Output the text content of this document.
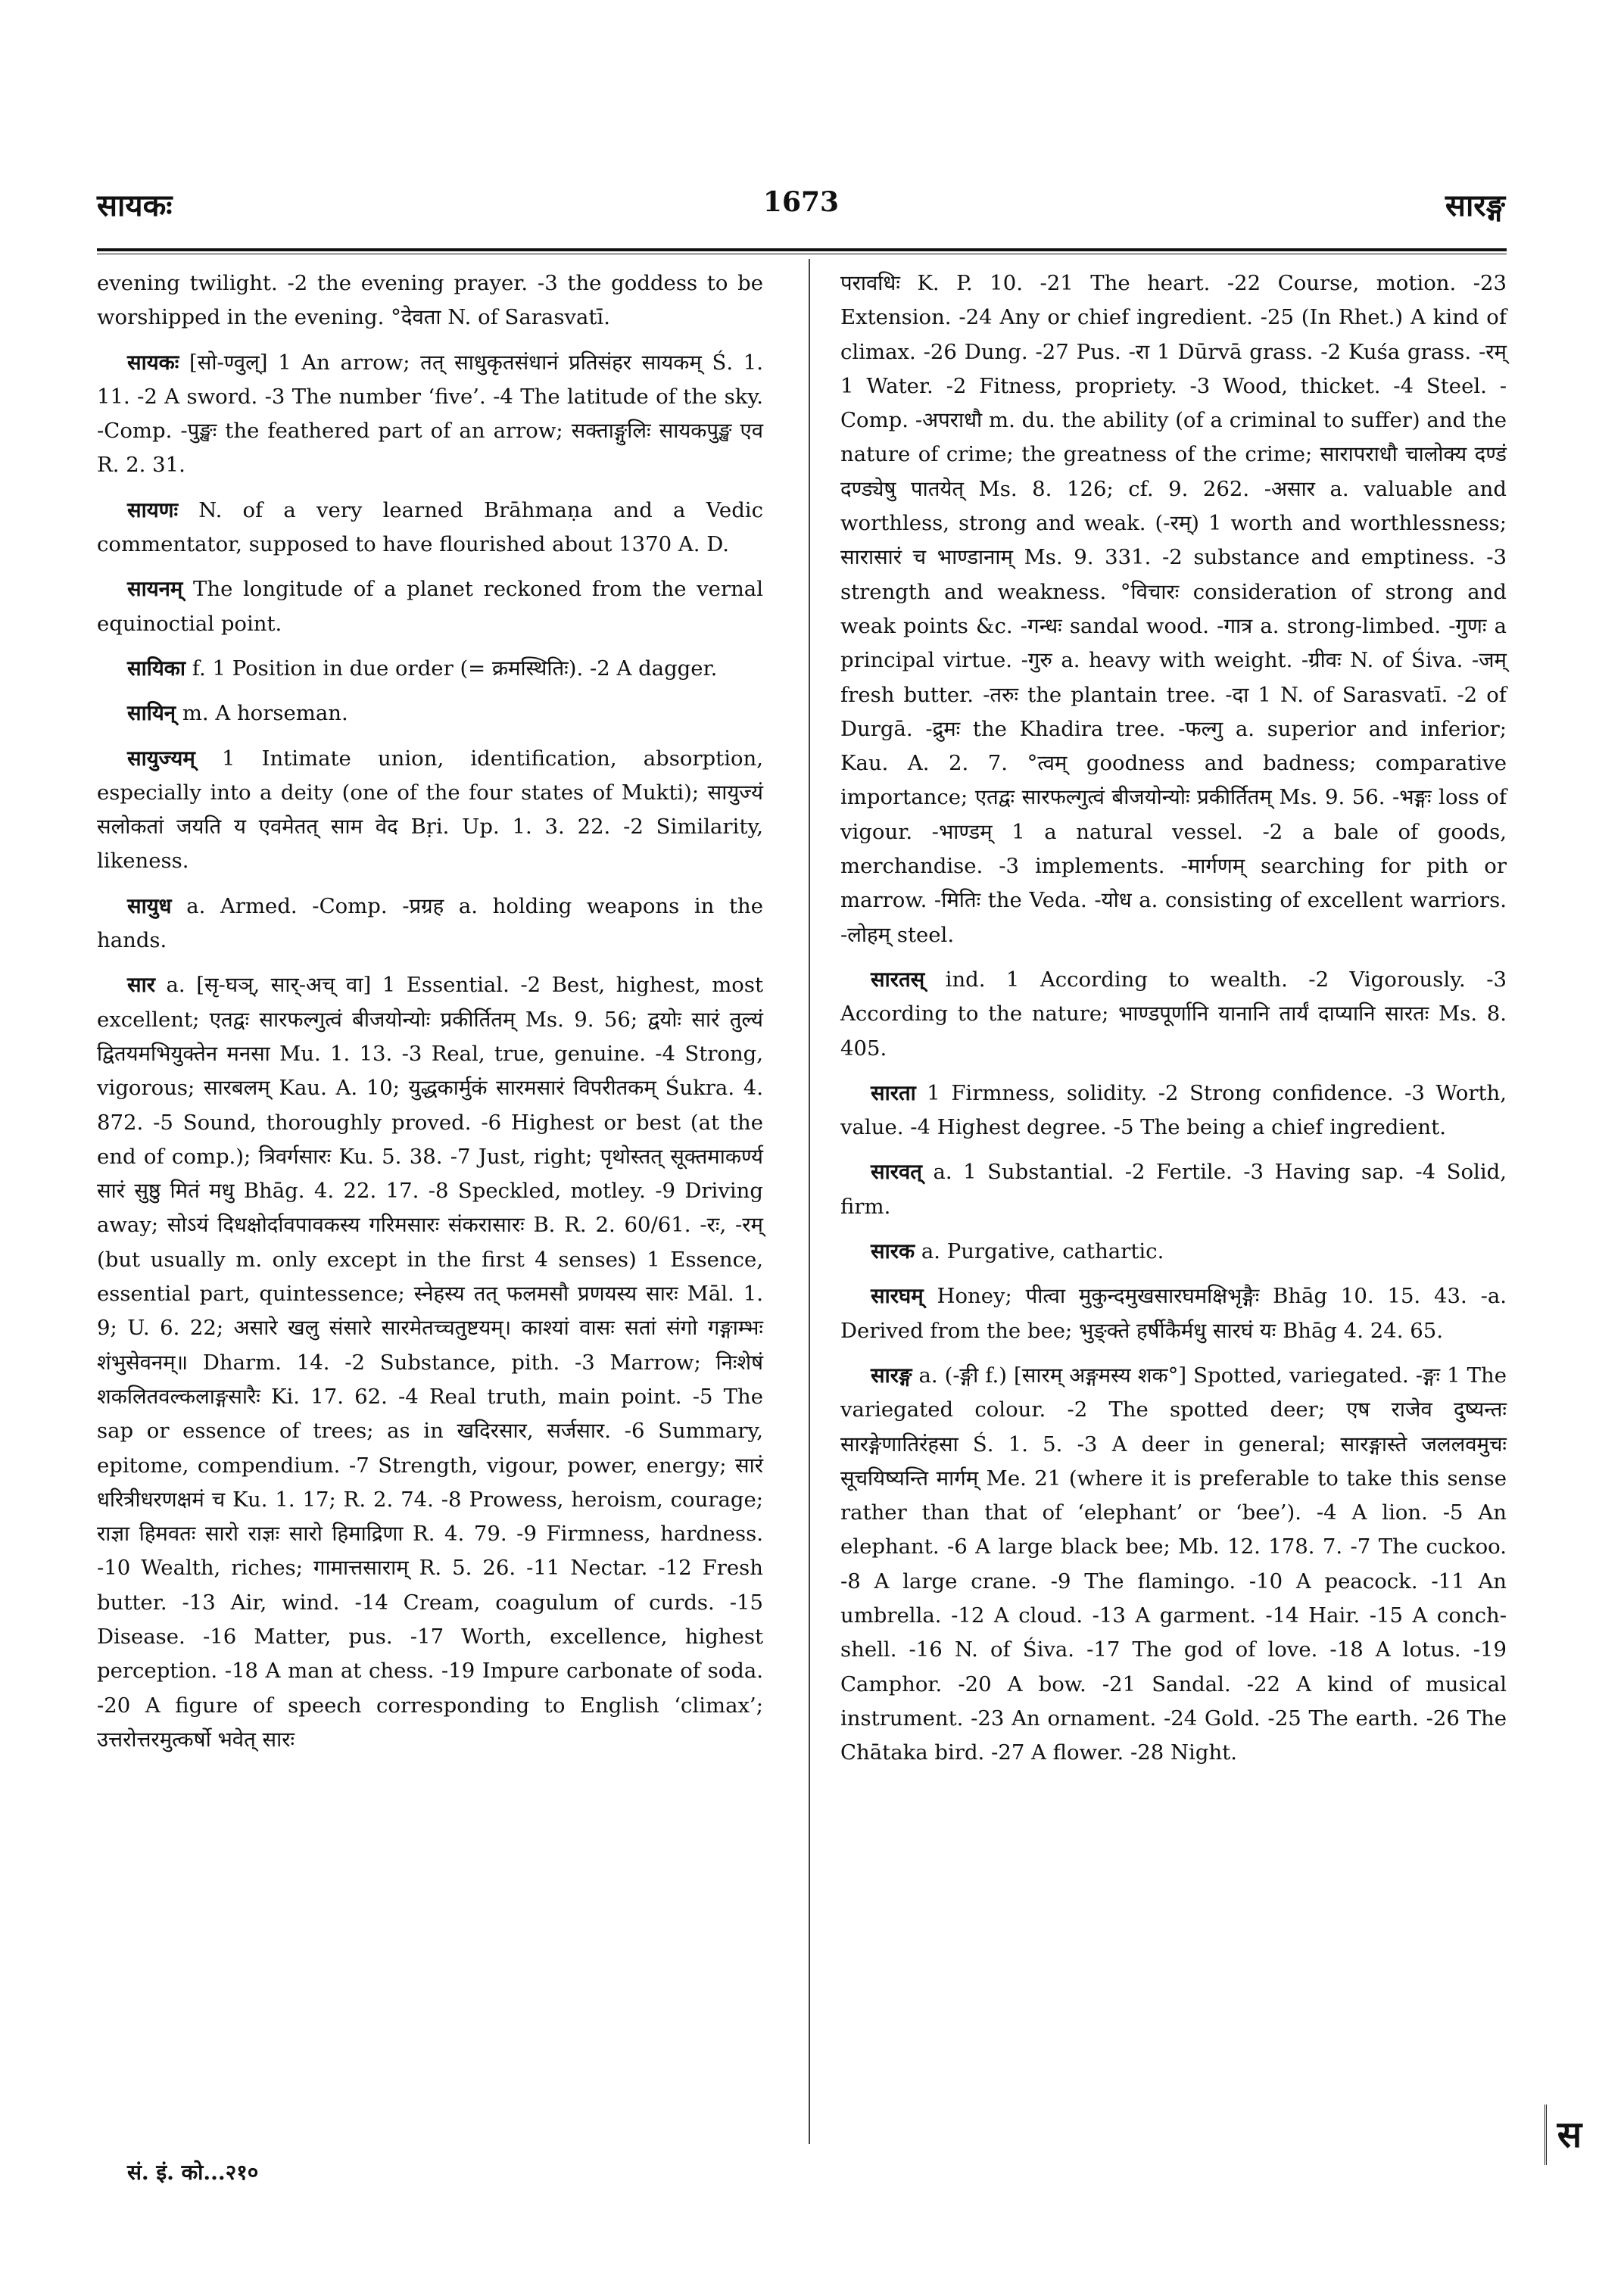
सायकः	1673	सारङ्ग

evening twilight. -2 the evening prayer. -3 the goddess to be worshipped in the evening. °देवता N. of Sarasvatī.

सायकः [सो-ण्वुल्] 1 An arrow; तत् साधुकृतसंधानं प्रतिसंहर सायकम् Ś. 1. 11. -2 A sword. -3 The number ‘five’. -4 The latitude of the sky. -Comp. -पुङ्खः the feathered part of an arrow; सक्ताङ्गुलिः सायकपुङ्ख एव R. 2. 31.

सायणः N. of a very learned Brāhmaṇa and a Vedic commentator, supposed to have flourished about 1370 A. D.

सायनम् The longitude of a planet reckoned from the vernal equinoctial point.

सायिका f. 1 Position in due order (= क्रमस्थितिः). -2 A dagger.

सायिन् m. A horseman.

सायुज्यम् 1 Intimate union, identification, absorption, especially into a deity (one of the four states of Mukti); सायुज्यं सलोकतां जयति य एवमेतत् साम वेद Bṛi. Up. 1. 3. 22. -2 Similarity, likeness.

सायुध a. Armed. -Comp. -प्रग्रह a. holding weapons in the hands.

सार a. [सृ-घञ्, सार्-अच् वा] 1 Essential. -2 Best, highest, most excellent; एतद्वः सारफल्गुत्वं बीजयोन्योः प्रकीर्तितम् Ms. 9. 56; द्वयोः सारं तुल्यं द्वितयमभियुक्तेन मनसा Mu. 1. 13. -3 Real, true, genuine. -4 Strong, vigorous; सारबलम् Kau. A. 10; युद्धकार्मुकं सारमसारं विपरीतकम् Śukra. 4. 872. -5 Sound, thoroughly proved. -6 Highest or best (at the end of comp.); त्रिवर्गसारः Ku. 5. 38. -7 Just, right; पृथोस्तत् सूक्तमाकर्ण्य सारं सुष्ठु मितं मधु Bhāg. 4. 22. 17. -8 Speckled, motley. -9 Driving away; सोऽयं दिधक्षोर्दावपावकस्य गरिमसारः संकरासारः B. R. 2. 60/61. -रः, -रम् (but usually m. only except in the first 4 senses) 1 Essence, essential part, quintessence; स्नेहस्य तत् फलमसौ प्रणयस्य सारः Māl. 1. 9; U. 6. 22; असारे खलु संसारे सारमेतच्चतुष्टयम्। काश्यां वासः सतां संगो गङ्गाम्भः शंभुसेवनम्॥ Dharm. 14. -2 Substance, pith. -3 Marrow; निःशेषं शकलितवल्कलाङ्गसारैः Ki. 17. 62. -4 Real truth, main point. -5 The sap or essence of trees; as in खदिरसार, सर्जसार. -6 Summary, epitome, compendium. -7 Strength, vigour, power, energy; सारं धरित्रीधरणक्षमं च Ku. 1. 17; R. 2. 74. -8 Prowess, heroism, courage; राज्ञा हिमवतः सारो राज्ञः सारो हिमाद्रिणा R. 4. 79. -9 Firmness, hardness. -10 Wealth, riches; गामात्तसाराम् R. 5. 26. -11 Nectar. -12 Fresh butter. -13 Air, wind. -14 Cream, coagulum of curds. -15 Disease. -16 Matter, pus. -17 Worth, excellence, highest perception. -18 A man at chess. -19 Impure carbonate of soda. -20 A figure of speech corresponding to English ‘climax’; उत्तरोत्तरमुत्कर्षो भवेत् सारः

परावधिः K. P. 10. -21 The heart. -22 Course, motion. -23 Extension. -24 Any or chief ingredient. -25 (In Rhet.) A kind of climax. -26 Dung. -27 Pus. -रा 1 Dūrvā grass. -2 Kuśa grass. -रम् 1 Water. -2 Fitness, propriety. -3 Wood, thicket. -4 Steel. -Comp. -अपराधौ m. du. the ability (of a criminal to suffer) and the nature of crime; the greatness of the crime; सारापराधौ चालोक्य दण्डं दण्ड्येषु पातयेत् Ms. 8. 126; cf. 9. 262. -असार a. valuable and worthless, strong and weak. (-रम्) 1 worth and worthlessness; सारासारं च भाण्डानाम् Ms. 9. 331. -2 substance and emptiness. -3 strength and weakness. °विचारः consideration of strong and weak points &c. -गन्धः sandal wood. -गात्र a. strong-limbed. -गुणः a principal virtue. -गुरु a. heavy with weight. -ग्रीवः N. of Śiva. -जम् fresh butter. -तरुः the plantain tree. -दा 1 N. of Sarasvatī. -2 of Durgā. -द्रुमः the Khadira tree. -फल्गु a. superior and inferior; Kau. A. 2. 7. °त्वम् goodness and badness; comparative importance; एतद्वः सारफल्गुत्वं बीजयोन्योः प्रकीर्तितम् Ms. 9. 56. -भङ्गः loss of vigour. -भाण्डम् 1 a natural vessel. -2 a bale of goods, merchandise. -3 implements. -मार्गणम् searching for pith or marrow. -मितिः the Veda. -योध a. consisting of excellent warriors. -लोहम् steel.

सारतस् ind. 1 According to wealth. -2 Vigorously. -3 According to the nature; भाण्डपूर्णानि यानानि तार्यं दाप्यानि सारतः Ms. 8. 405.

सारता 1 Firmness, solidity. -2 Strong confidence. -3 Worth, value. -4 Highest degree. -5 The being a chief ingredient.

सारवत् a. 1 Substantial. -2 Fertile. -3 Having sap. -4 Solid, firm.

सारक a. Purgative, cathartic.

सारघम् Honey; पीत्वा मुकुन्दमुखसारघमक्षिभृङ्गैः Bhāg 10. 15. 43. -a. Derived from the bee; भुङ्क्ते हर्षीकैर्मधु सारघं यः Bhāg 4. 24. 65.

सारङ्ग a. (-ङ्गी f.) [सारम् अङ्गमस्य शक°] Spotted, variegated. -ङ्गः 1 The variegated colour. -2 The spotted deer; एष राजेव दुष्यन्तः सारङ्गेणातिरंहसा Ś. 1. 5. -3 A deer in general; सारङ्गास्ते जललवमुचः सूचयिष्यन्ति मार्गम् Me. 21 (where it is preferable to take this sense rather than that of ‘elephant’ or ‘bee’). -4 A lion. -5 An elephant. -6 A large black bee; Mb. 12. 178. 7. -7 The cuckoo. -8 A large crane. -9 The flamingo. -10 A peacock. -11 An umbrella. -12 A cloud. -13 A garment. -14 Hair. -15 A conch-shell. -16 N. of Śiva. -17 The god of love. -18 A lotus. -19 Camphor. -20 A bow. -21 Sandal. -22 A kind of musical instrument. -23 An ornament. -24 Gold. -25 The earth. -26 The Chātaka bird. -27 A flower. -28 Night.

सं. इं. को...२१०
स
